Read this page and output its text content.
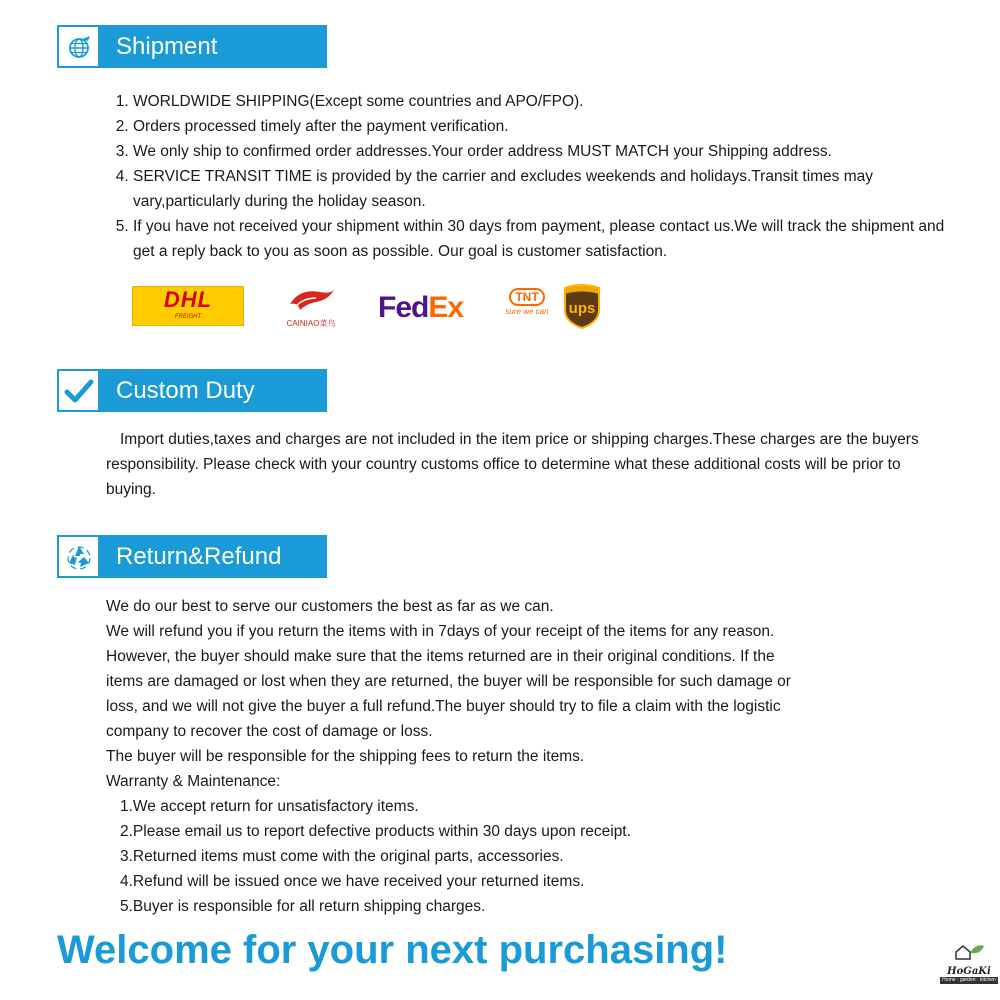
Shipment
1. WORLDWIDE SHIPPING(Except some countries and APO/FPO).
2. Orders processed timely after the payment verification.
3. We only ship to confirmed order addresses.Your order address MUST MATCH your Shipping address.
4. SERVICE TRANSIT TIME is provided by the carrier and excludes weekends and holidays.Transit times may vary,particularly during the holiday season.
5. If you have not received your shipment within 30 days from payment, please contact us.We will track the shipment and get a reply back to you as soon as possible. Our goal is customer satisfaction.
DHL
FREIGHT
CAINIAO菜鸟	FedEx	TNT
sure we can	ups
Custom Duty
Import duties,taxes and charges are not included in the item price or shipping charges.These charges are the buyers responsibility. Please check with your country customs office to determine what these additional costs will be prior to buying.
Return&Refund
We do our best to serve our customers the best as far as we can.
We will refund you if you return the items with in 7days of your receipt of the items for any reason.
However, the buyer should make sure that the items returned are in their original conditions. If the
items are damaged or lost when they are returned, the buyer will be responsible for such damage or
loss, and we will not give the buyer a full refund.The buyer should try to file a claim with the logistic
company to recover the cost of damage or loss.
The buyer will be responsible for the shipping fees to return the items.
Warranty & Maintenance:
1.We accept return for unsatisfactory items.
2.Please email us to report defective products within 30 days upon receipt.
3.Returned items must come with the original parts, accessories.
4.Refund will be issued once we have received your returned items.
5.Buyer is responsible for all return shipping charges.
Welcome for your next purchasing!	HoGaKi
Home · garden · kitchen
